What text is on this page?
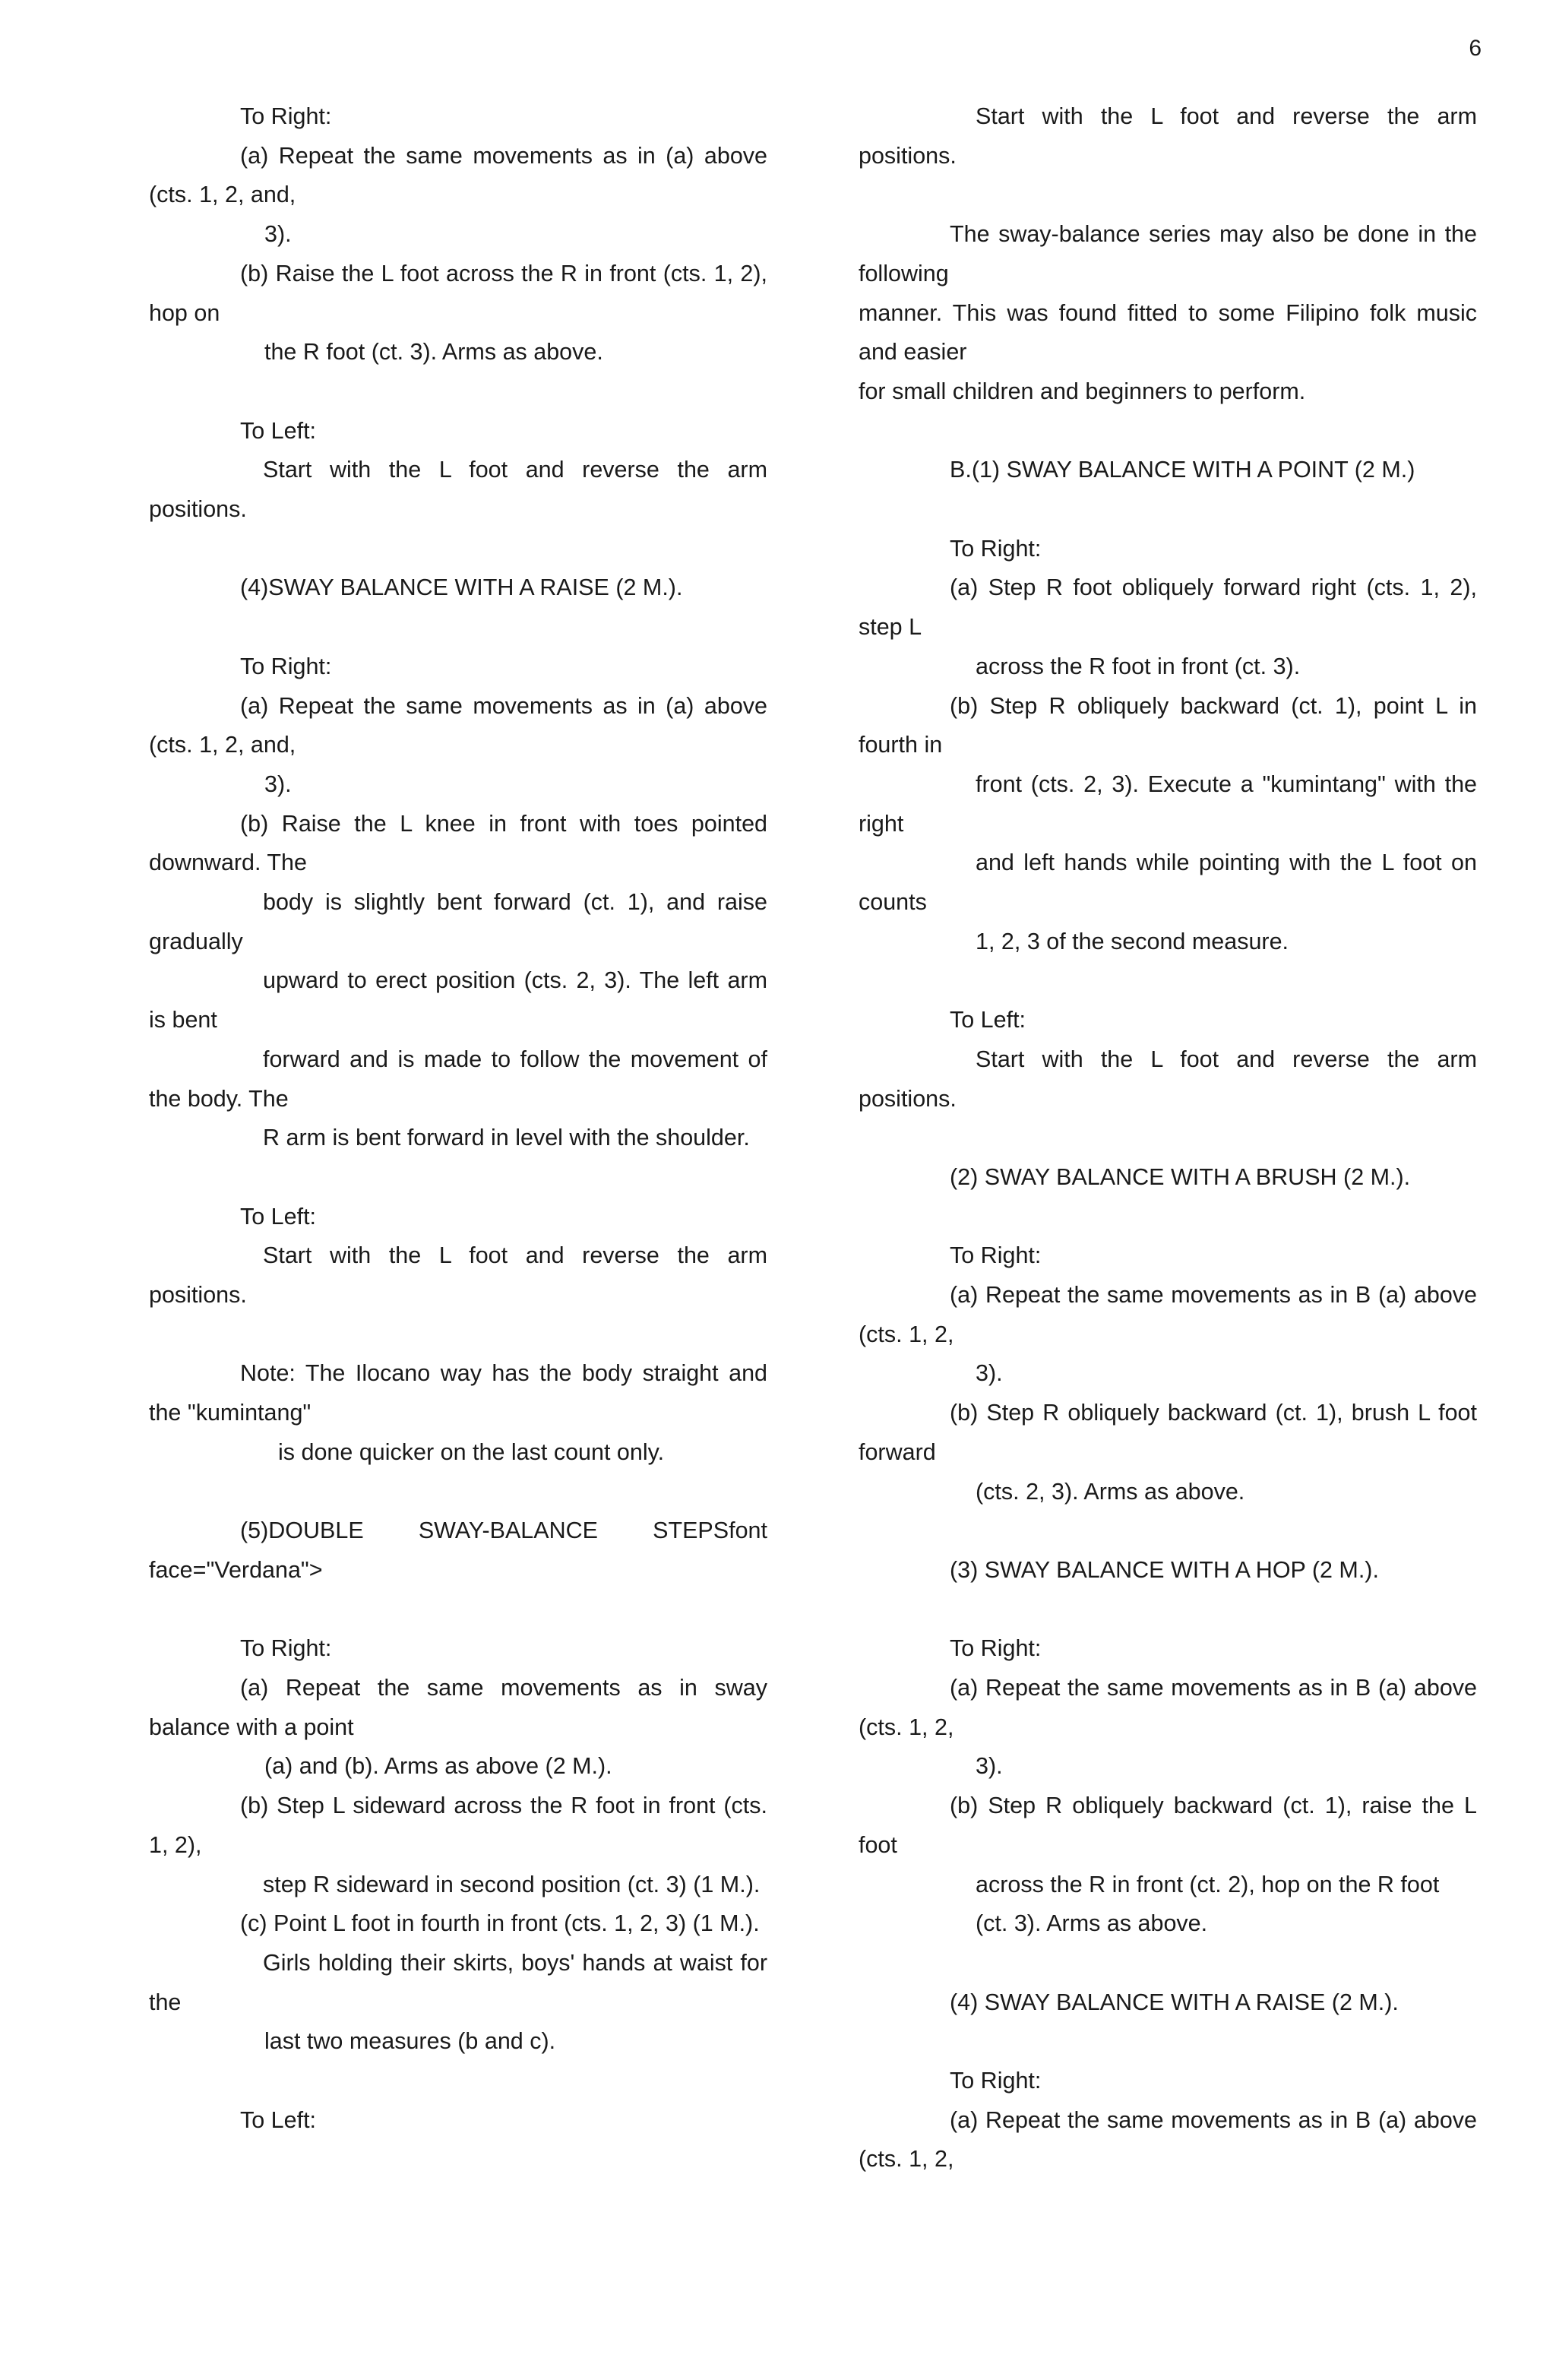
6

To Right:

(a) Repeat the same movements as in (a) above (cts. 1, 2, and,

3).

(b) Raise the L foot across the R in front (cts. 1, 2), hop on

the R foot (ct. 3). Arms as above.

To Left:

Start with the L foot and reverse the arm positions.

(4)SWAY BALANCE WITH A RAISE (2 M.).

To Right:

(a) Repeat the same movements as in (a) above (cts. 1, 2, and,

3).

(b) Raise the L knee in front with toes pointed downward. The

body is slightly bent forward (ct. 1), and raise gradually

upward to erect position (cts. 2, 3). The left arm is bent

forward and is made to follow the movement of the body. The

R arm is bent forward in level with the shoulder.

To Left:

Start with the L foot and reverse the arm positions.

Note: The Ilocano way has the body straight and the "kumintang"

is done quicker on the last count only.

(5)DOUBLE SWAY-BALANCE STEPSfont face="Verdana">

To Right:

(a) Repeat the same movements as in sway balance with a point

(a) and (b). Arms as above (2 M.).

(b) Step L sideward across the R foot in front (cts. 1, 2),

step R sideward in second position (ct. 3) (1 M.).

(c) Point L foot in fourth in front (cts. 1, 2, 3) (1 M.).

Girls holding their skirts, boys' hands at waist for the

last two measures (b and c).

To Left:

Start with the L foot and reverse the arm positions.

The sway-balance series may also be done in the following

manner. This was found fitted to some Filipino folk music and easier

for small children and beginners to perform.

B.(1) SWAY BALANCE WITH A POINT (2 M.)

To Right:

(a) Step R foot obliquely forward right (cts. 1, 2), step L

across the R foot in front (ct. 3).

(b) Step R obliquely backward (ct. 1), point L in fourth in

front (cts. 2, 3). Execute a "kumintang" with the right

and left hands while pointing with the L foot on counts

1, 2, 3 of the second measure.

To Left:

Start with the L foot and reverse the arm positions.

(2) SWAY BALANCE WITH A BRUSH (2 M.).

To Right:

(a) Repeat the same movements as in B (a) above (cts. 1, 2,

3).

(b) Step R obliquely backward (ct. 1), brush L foot forward

(cts. 2, 3). Arms as above.

(3) SWAY BALANCE WITH A HOP (2 M.).

To Right:

(a) Repeat the same movements as in B (a) above (cts. 1, 2,

3).

(b) Step R obliquely backward (ct. 1), raise the L foot

across the R in front (ct. 2), hop on the R foot

(ct. 3). Arms as above.

(4) SWAY BALANCE WITH A RAISE (2 M.).

To Right:

(a) Repeat the same movements as in B (a) above (cts. 1, 2,
